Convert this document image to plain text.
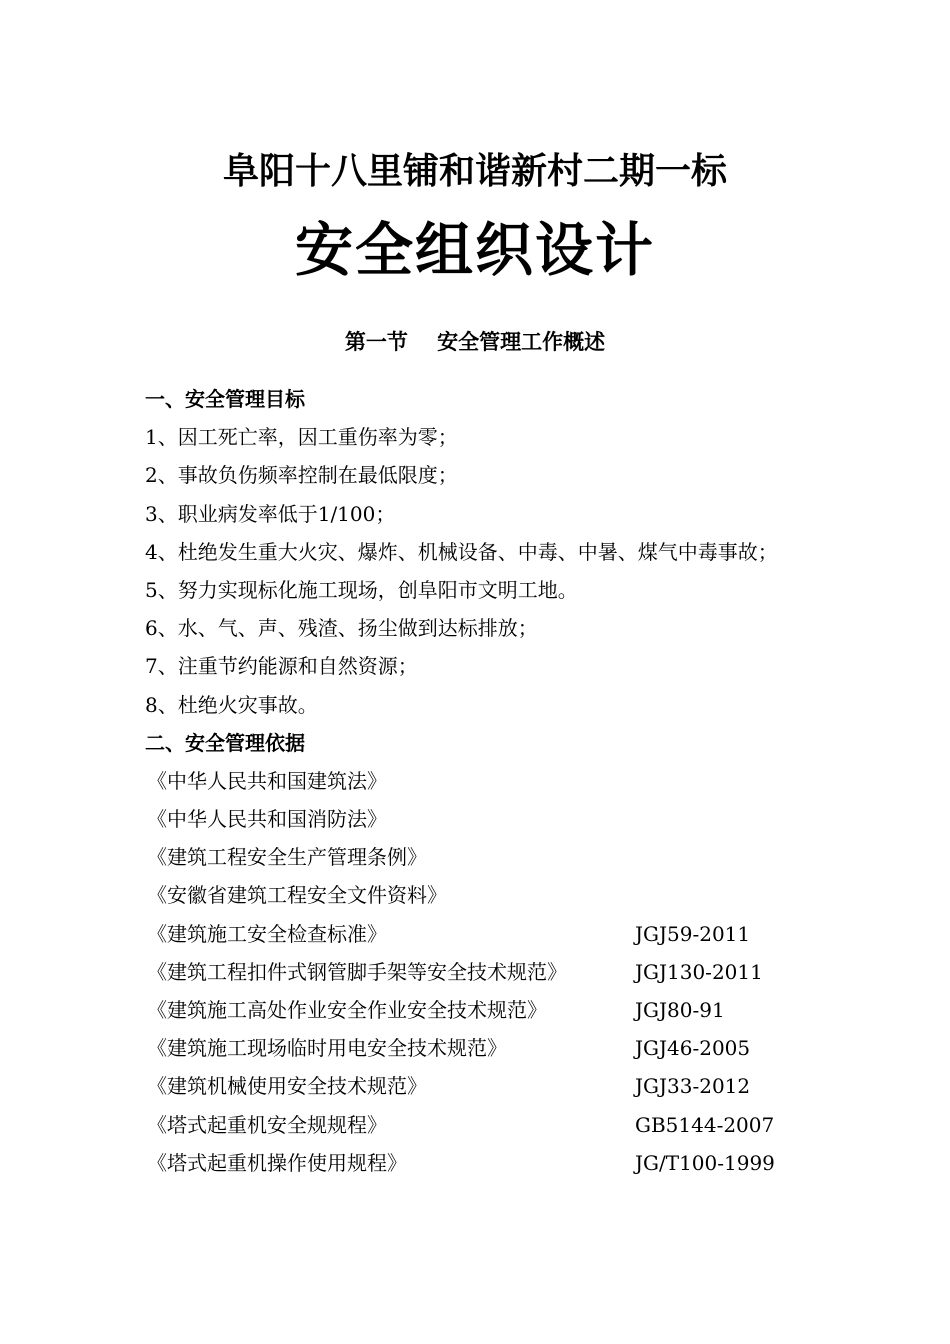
阜阳十八里铺和谐新村二期一标
安全组织设计
第一节    安全管理工作概述
一、安全管理目标
1、因工死亡率，因工重伤率为零；
2、事故负伤频率控制在最低限度；
3、职业病发率低于1/100；
4、杜绝发生重大火灾、爆炸、机械设备、中毒、中暑、煤气中毒事故；
5、努力实现标化施工现场，创阜阳市文明工地。
6、水、气、声、残渣、扬尘做到达标排放；
7、注重节约能源和自然资源；
8、杜绝火灾事故。
二、安全管理依据
《中华人民共和国建筑法》
《中华人民共和国消防法》
《建筑工程安全生产管理条例》
《安徽省建筑工程安全文件资料》
《建筑施工安全检查标准》	JGJ59-2011
《建筑工程扣件式钢管脚手架等安全技术规范》	JGJ130-2011
《建筑施工高处作业安全作业安全技术规范》	JGJ80-91
《建筑施工现场临时用电安全技术规范》	JGJ46-2005
《建筑机械使用安全技术规范》	JGJ33-2012
《塔式起重机安全规规程》	GB5144-2007
《塔式起重机操作使用规程》	JG/T100-1999
